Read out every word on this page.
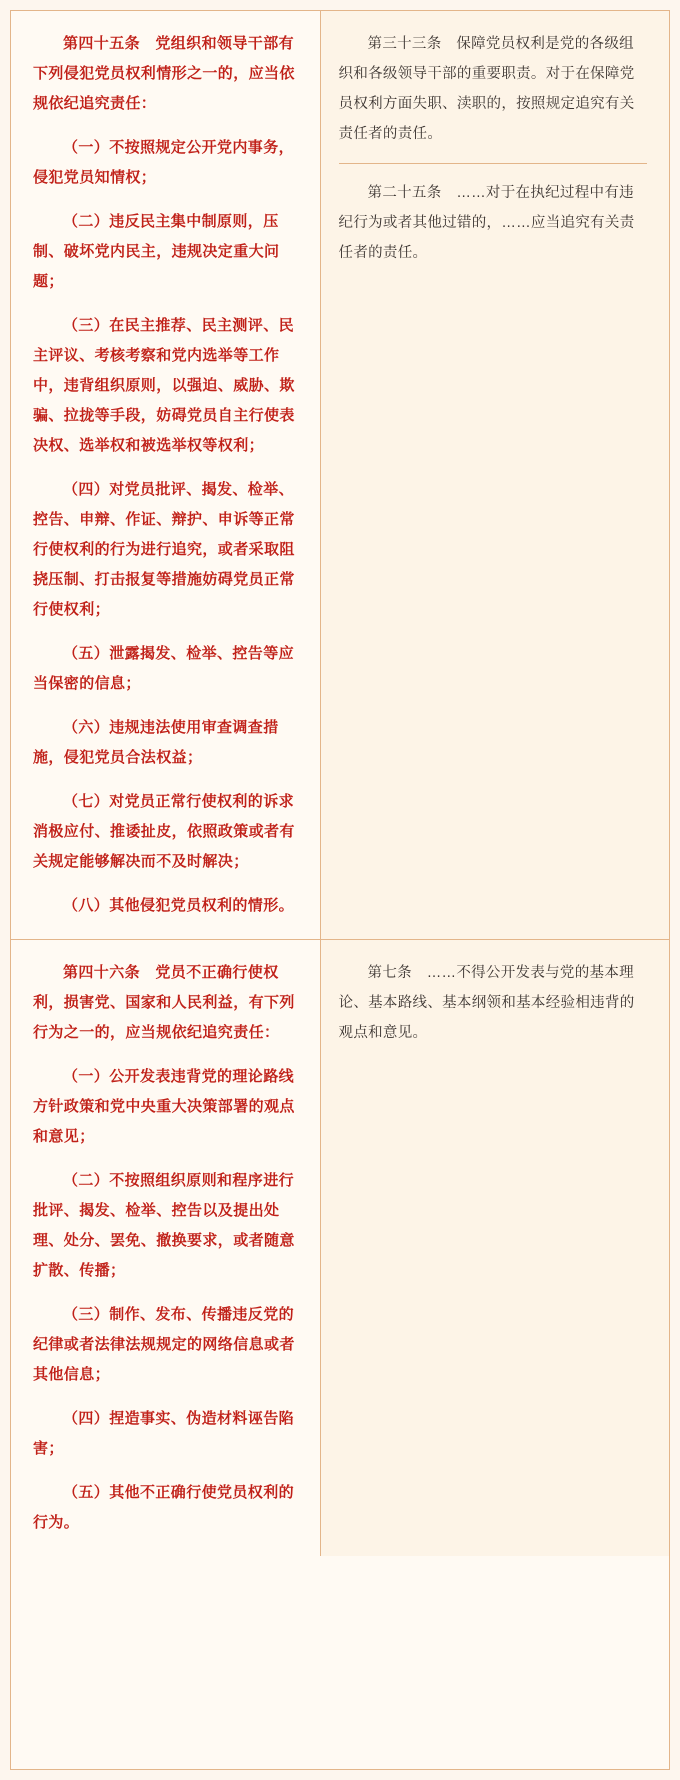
第四十五条　党组织和领导干部有下列侵犯党员权利情形之一的，应当依规依纪追究责任：

（一）不按照规定公开党内事务，侵犯党员知情权；

（二）违反民主集中制原则，压制、破坏党内民主，违规决定重大问题；

（三）在民主推荐、民主测评、民主评议、考核考察和党内选举等工作中，违背组织原则，以强迫、威胁、欺骗、拉拢等手段，妨碍党员自主行使表决权、选举权和被选举权等权利；

（四）对党员批评、揭发、检举、控告、申辩、作证、辩护、申诉等正常行使权利的行为进行追究，或者采取阻挠压制、打击报复等措施妨碍党员正常行使权利；

（五）泄露揭发、检举、控告等应当保密的信息；

（六）违规违法使用审查调查措施，侵犯党员合法权益；

（七）对党员正常行使权利的诉求消极应付、推诿扯皮，依照政策或者有关规定能够解决而不及时解决；

（八）其他侵犯党员权利的情形。

第三十三条　保障党员权利是党的各级组织和各级领导干部的重要职责。对于在保障党员权利方面失职、渎职的，按照规定追究有关责任者的责任。

第二十五条　……对于在执纪过程中有违纪行为或者其他过错的，……应当追究有关责任者的责任。

第四十六条　党员不正确行使权利，损害党、国家和人民利益，有下列行为之一的，应当规依纪追究责任：

（一）公开发表违背党的理论路线方针政策和党中央重大决策部署的观点和意见；

（二）不按照组织原则和程序进行批评、揭发、检举、控告以及提出处理、处分、罢免、撤换要求，或者随意扩散、传播；

（三）制作、发布、传播违反党的纪律或者法律法规规定的网络信息或者其他信息；

（四）捏造事实、伪造材料诬告陷害；

（五）其他不正确行使党员权利的行为。

第七条　……不得公开发表与党的基本理论、基本路线、基本纲领和基本经验相违背的观点和意见。
